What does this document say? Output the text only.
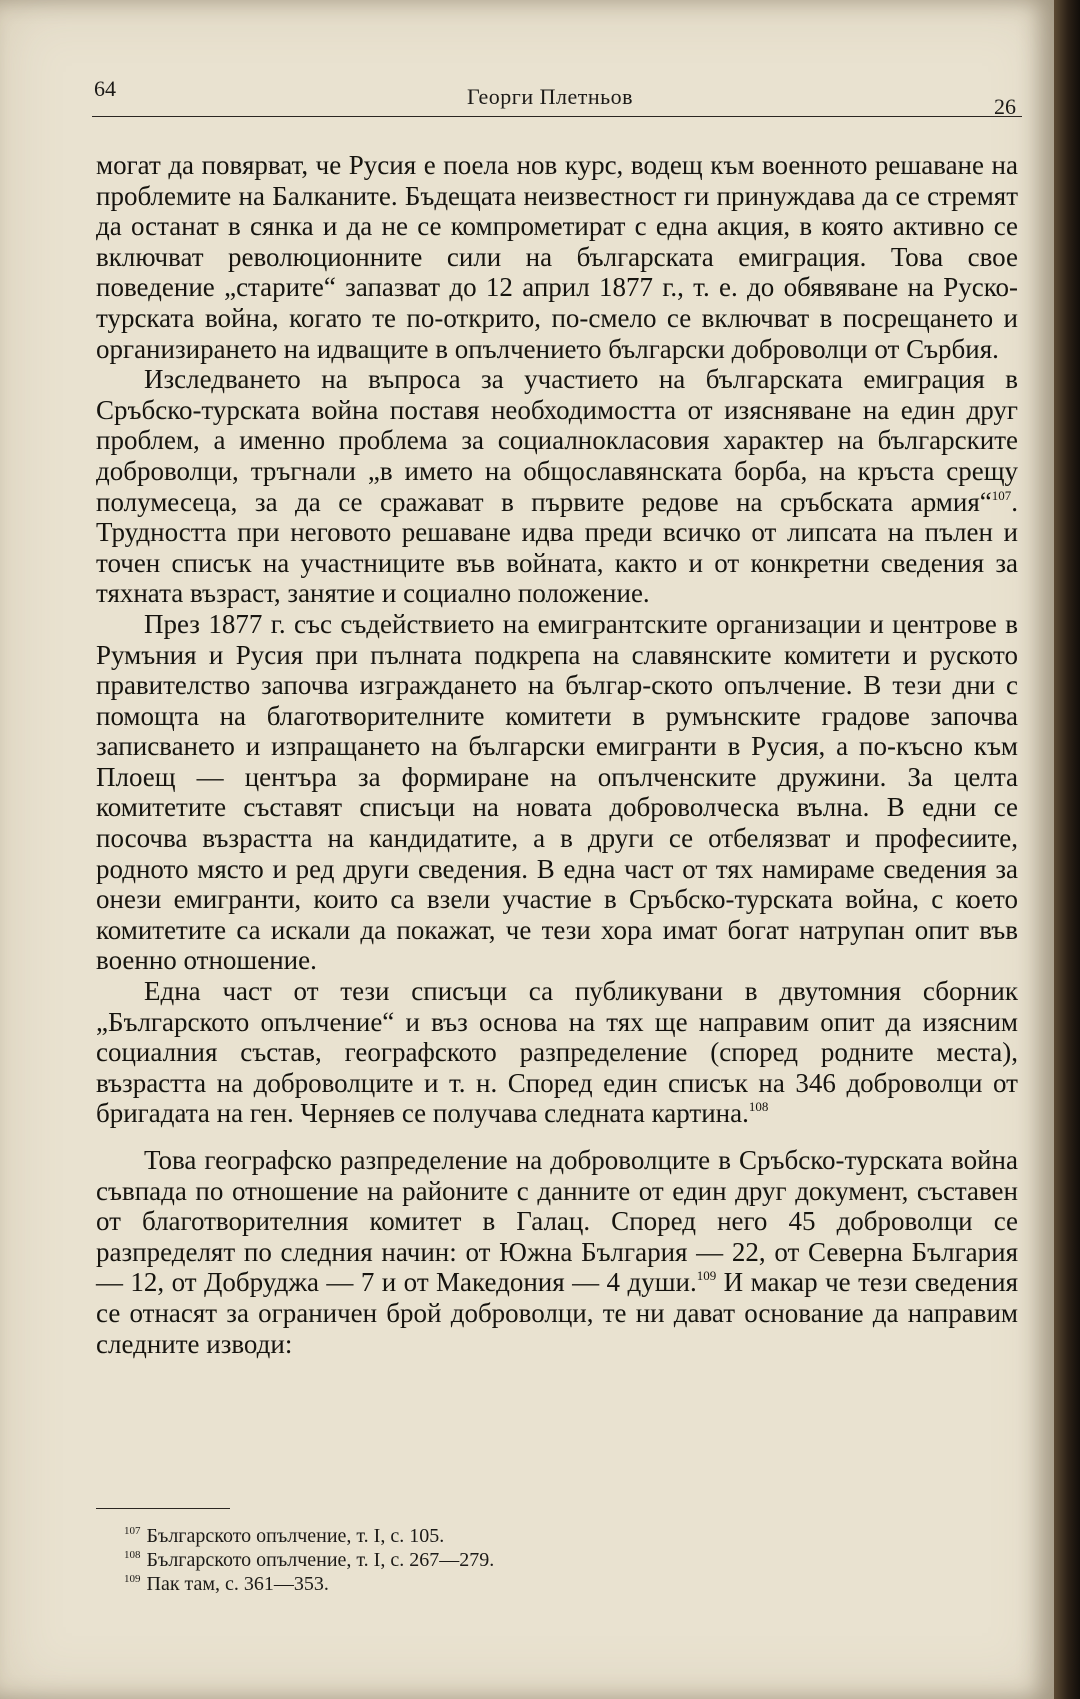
64	Георги Плетньов	26

могат да повярват, че Русия е поела нов курс, водещ към военното решаване на проблемите на Балканите. Бъдещата неизвестност ги принуждава да се стремят да останат в сянка и да не се компрометират с една акция, в която активно се включват революционните сили на българската емиграция. Това свое поведение „старите“ запазват до 12 април 1877 г., т. е. до обявяване на Руско-турската война, когато те по-открито, по-смело се включват в посрещането и организирането на идващите в опълчението български доброволци от Сърбия.

Изследването на въпроса за участието на българската емиграция в Сръбско-турската война поставя необходимостта от изясняване на един друг проблем, а именно проблема за социалнокласовия характер на българските доброволци, тръгнали „в името на общославянската борба, на кръста срещу полумесеца, за да се сражават в първите редове на сръбската армия“$^{107}$. Трудността при неговото решаване идва преди всичко от липсата на пълен и точен списък на участниците във войната, както и от конкретни сведения за тяхната възраст, занятие и социално положение.

През 1877 г. със съдействието на емигрантските организации и центрове в Румъния и Русия при пълната подкрепа на славянските комитети и руското правителство започва изграждането на българ-ското опълчение. В тези дни с помощта на благотворителните комитети в румънските градове започва записването и изпращането на български емигранти в Русия, а по-късно към Плоещ — центъра за формиране на опълченските дружини. За целта комитетите съставят списъци на новата доброволческа вълна. В едни се посочва възрастта на кандидатите, а в други се отбелязват и професиите, родното място и ред други сведения. В една част от тях намираме сведения за онези емигранти, които са взели участие в Сръбско-турската война, с което комитетите са искали да покажат, че тези хора имат богат натрупан опит във военно отношение.

Една част от тези списъци са публикувани в двутомния сборник „Българското опълчение“ и въз основа на тях ще направим опит да изясним социалния състав, географското разпределение (според родните места), възрастта на доброволците и т. н. Според един списък на 346 доброволци от бригадата на ген. Черняев се получава следната картина.$^{108}$

Това географско разпределение на доброволците в Сръбско-турската война съвпада по отношение на районите с данните от един друг документ, съставен от благотворителния комитет в Галац. Според него 45 доброволци се разпределят по следния начин: от Южна България — 22, от Северна България — 12, от Добруджа — 7 и от Македония — 4 души.$^{109}$ И макар че тези сведения се отнасят за ограничен брой доброволци, те ни дават основание да направим следните изводи:

$^{107}$ Българското опълчение, т. I, с. 105.

$^{108}$ Българското опълчение, т. I, с. 267—279.

$^{109}$ Пак там, с. 361—353.
